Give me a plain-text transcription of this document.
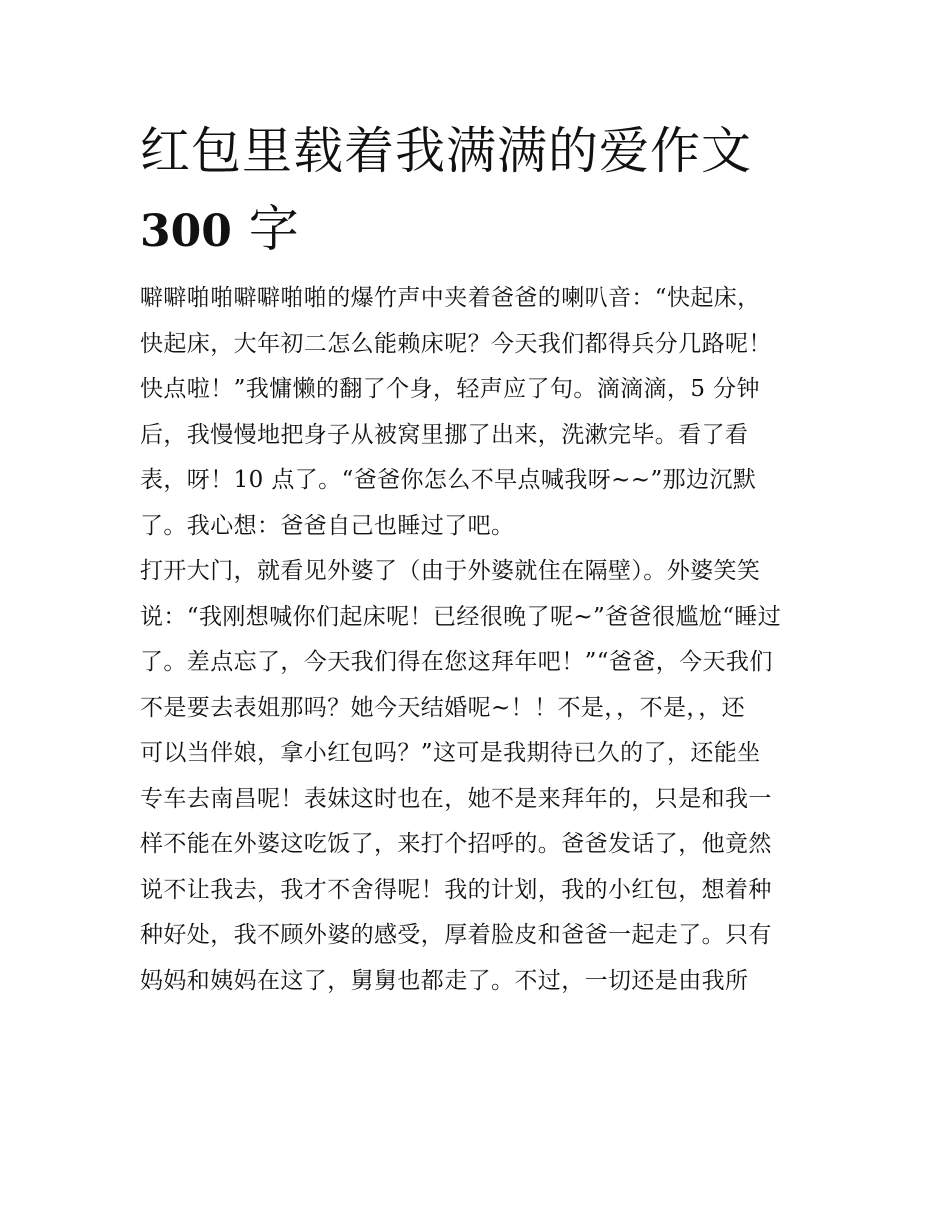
红包里载着我满满的爱作文
300 字
噼噼啪啪噼噼啪啪的爆竹声中夹着爸爸的喇叭音：“快起床，
快起床，大年初二怎么能赖床呢？今天我们都得兵分几路呢！
快点啦！”我慵懒的翻了个身，轻声应了句。滴滴滴，5 分钟
后，我慢慢地把身子从被窝里挪了出来，洗漱完毕。看了看
表，呀！10 点了。“爸爸你怎么不早点喊我呀~~”那边沉默
了。我心想：爸爸自己也睡过了吧。
打开大门，就看见外婆了（由于外婆就住在隔壁）。外婆笑笑
说：“我刚想喊你们起床呢！已经很晚了呢~”爸爸很尴尬“睡过
了。差点忘了，今天我们得在您这拜年吧！”“爸爸，今天我们
不是要去表姐那吗？她今天结婚呢~！！不是，，不是，，还
可以当伴娘，拿小红包吗？”这可是我期待已久的了，还能坐
专车去南昌呢！表妹这时也在，她不是来拜年的，只是和我一
样不能在外婆这吃饭了，来打个招呼的。爸爸发话了，他竟然
说不让我去，我才不舍得呢！我的计划，我的小红包，想着种
种好处，我不顾外婆的感受，厚着脸皮和爸爸一起走了。只有
妈妈和姨妈在这了，舅舅也都走了。不过，一切还是由我所
